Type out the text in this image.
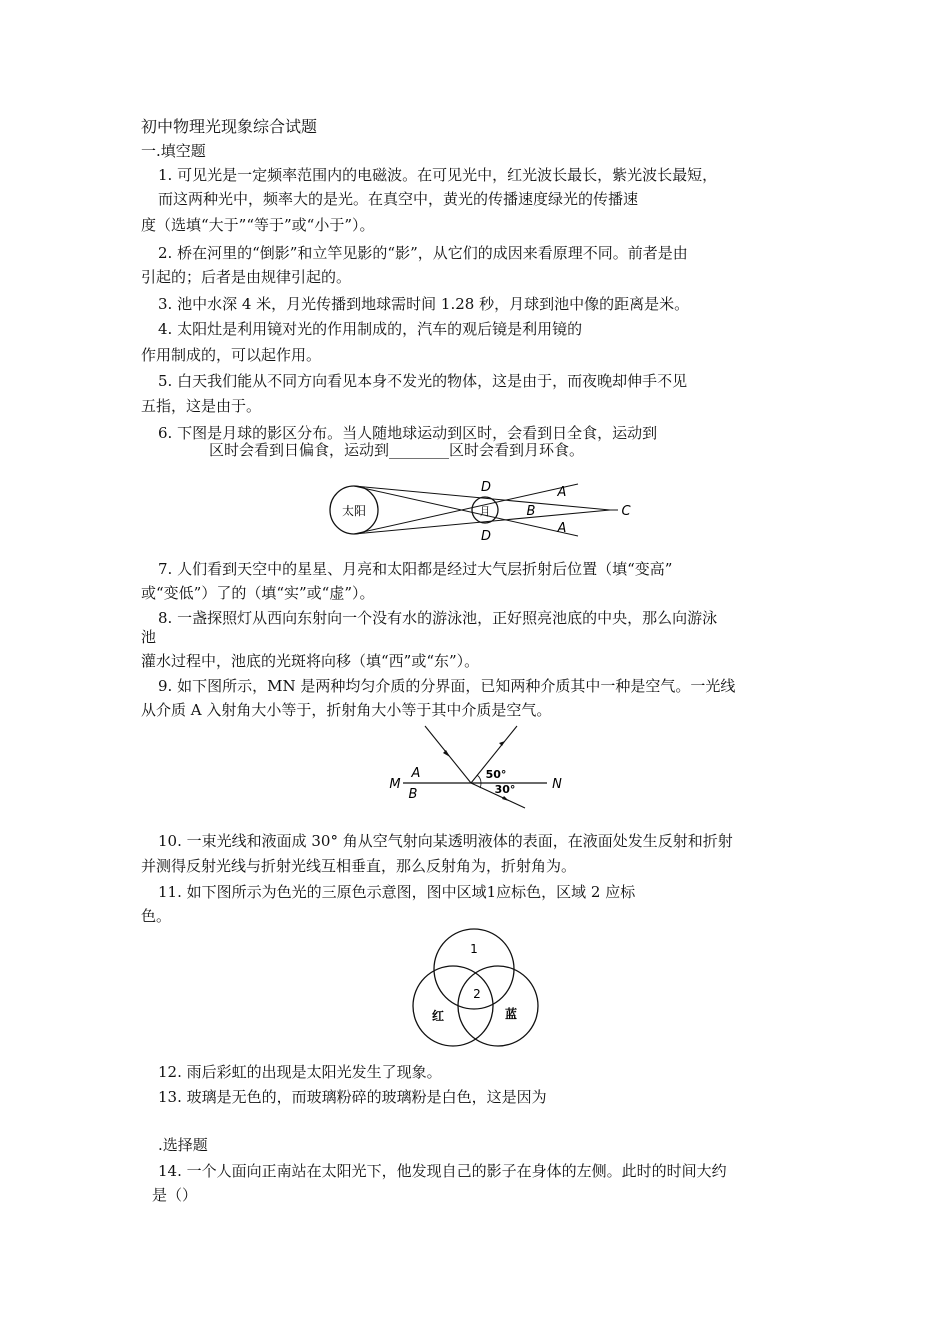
初中物理光现象综合试题
一.填空题
1. 可见光是一定频率范围内的电磁波。在可见光中，红光波长最长，紫光波长最短，
而这两种光中，频率大的是光。在真空中，黄光的传播速度绿光的传播速
度（选填“大于”“等于”或“小于”）。
2. 桥在河里的“倒影”和立竿见影的“影”，从它们的成因来看原理不同。前者是由
引起的；后者是由规律引起的。
3. 池中水深 4 米，月光传播到地球需时间 1.28 秒，月球到池中像的距离是米。
4. 太阳灶是利用镜对光的作用制成的，汽车的观后镜是利用镜的
作用制成的，可以起作用。
5. 白天我们能从不同方向看见本身不发光的物体，这是由于，而夜晚却伸手不见
五指，这是由于。
6. 下图是月球的影区分布。当人随地球运动到区时，会看到日全食，运动到
区时会看到日偏食，运动到________区时会看到月环食。
太阳	月
D
D
A
A
B	C
7. 人们看到天空中的星星、月亮和太阳都是经过大气层折射后位置（填“变高”
或“变低”）了的（填“实”或“虚”）。
8. 一盏探照灯从西向东射向一个没有水的游泳池，正好照亮池底的中央，那么向游泳
池
灌水过程中，池底的光斑将向移（填“西”或“东”）。
9. 如下图所示，MN 是两种均匀介质的分界面，已知两种介质其中一种是空气。一光线
从介质 A 入射角大小等于，折射角大小等于其中介质是空气。
M	N
A
B
50°
30°
10. 一束光线和液面成 30° 角从空气射向某透明液体的表面，在液面处发生反射和折射
并测得反射光线与折射光线互相垂直，那么反射角为，折射角为。
11. 如下图所示为色光的三原色示意图，图中区域1应标色，区域 2 应标
色。
1
2
红	蓝
12. 雨后彩虹的出现是太阳光发生了现象。
13. 玻璃是无色的，而玻璃粉碎的玻璃粉是白色，这是因为
.选择题
14. 一个人面向正南站在太阳光下，他发现自己的影子在身体的左侧。此时的时间大约
是（）
